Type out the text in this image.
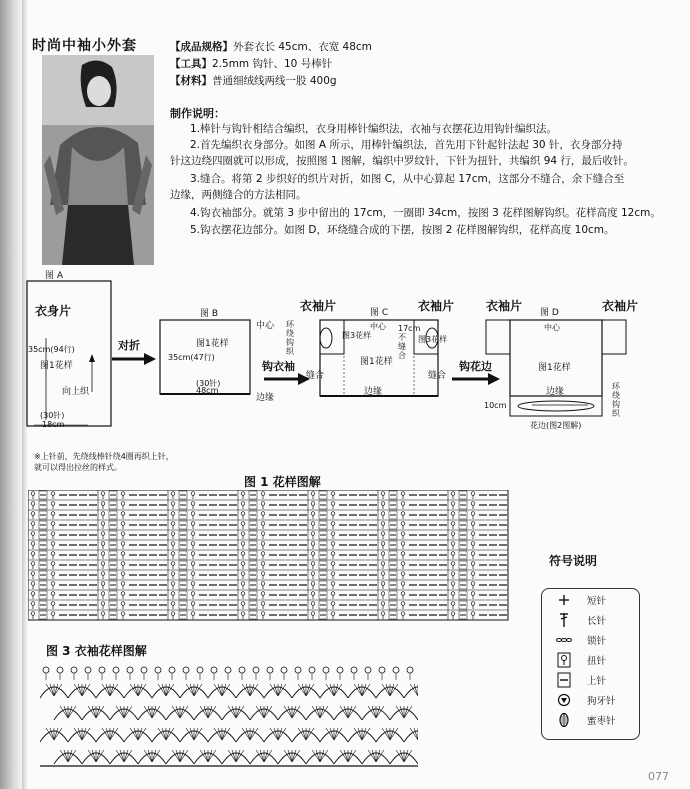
时尚中袖小外套	【成品规格】外套衣长 45cm、衣宽 48cm
【工具】2.5mm 钩针、10 号棒针
【材料】普通细绒线两线一股 400g
制作说明：
1.棒针与钩针相结合编织，衣身用棒针编织法，衣袖与衣摆花边用钩针编织法。
2.首先编织衣身部分。如图 A 所示，用棒针编织法，首先用下针起针法起 30 针，衣身部分持
针这边绕四圈就可以形成，按照图 1 图解，编织中罗纹针，下针为扭针，共编织 94 行，最后收针。
3.缝合。将第 2 步织好的织片对折，如图 C，从中心算起 17cm，这部分不缝合，余下缝合至
边缘，两侧缝合的方法相同。
4.钩衣袖部分。就第 3 步中留出的 17cm，一圈即 34cm，按图 3 花样图解钩织。花样高度 12cm。
5.钩衣摆花边部分。如图 D，环绕缝合成的下摆，按图 2 花样图解钩织，花样高度 10cm。
图 A
衣身片
35cm(94行)
图1花样
向上织
(30针)
18cm
对折
图 B
中心
图1花样
35cm(47行)
(30针)
48cm
边缘
钩衣袖
衣袖片	图 C 衣袖片
环绕钩织
图3花样
中心 17cm不缝合
图3花样
图1花样
缝合	缝合
边缘
钩花边
衣袖片 图 D	衣袖片
中心
图1花样
边缘
环绕钩织
10cm
花边(图2图解)
※上针前，先绕线棒针绕4圈再织上针，就可以得出拉丝的样式。
图 1 花样图解
图 3 衣袖花样图解
符号说明
短针
长针
锁针
扭针
上针
狗牙针
蜜枣针
077
